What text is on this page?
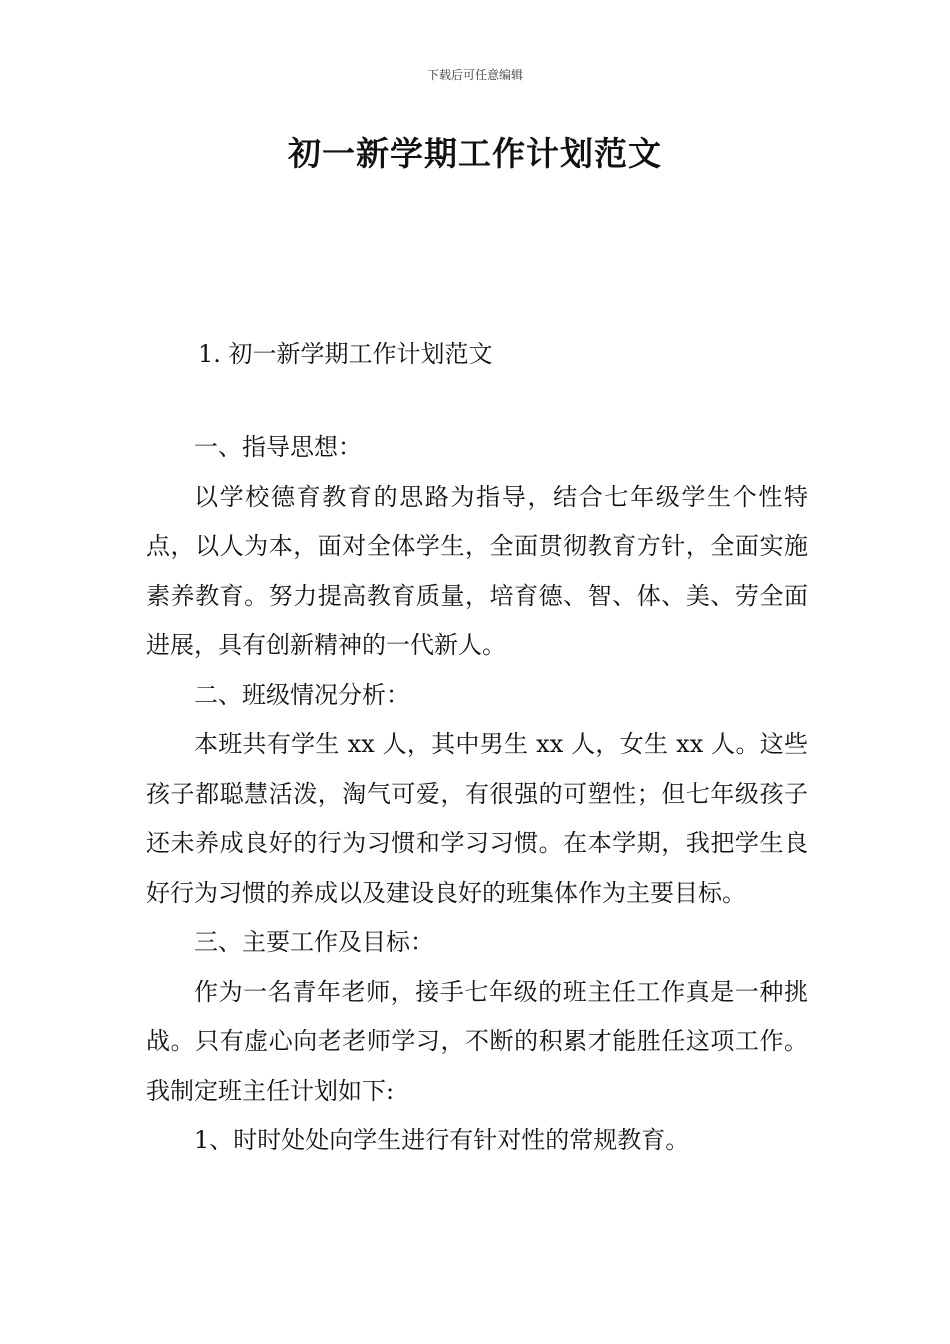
下载后可任意编辑
初一新学期工作计划范文
1. 初一新学期工作计划范文

一、指导思想：

以学校德育教育的思路为指导，结合七年级学生个性特点，以人为本，面对全体学生，全面贯彻教育方针，全面实施素养教育。努力提高教育质量，培育德、智、体、美、劳全面进展，具有创新精神的一代新人。

二、班级情况分析：

本班共有学生 xx 人，其中男生 xx 人，女生 xx 人。这些孩子都聪慧活泼，淘气可爱，有很强的可塑性；但七年级孩子还未养成良好的行为习惯和学习习惯。在本学期，我把学生良好行为习惯的养成以及建设良好的班集体作为主要目标。

三、主要工作及目标：

作为一名青年老师，接手七年级的班主任工作真是一种挑战。只有虚心向老老师学习，不断的积累才能胜任这项工作。我制定班主任计划如下:

1、时时处处向学生进行有针对性的常规教育。
